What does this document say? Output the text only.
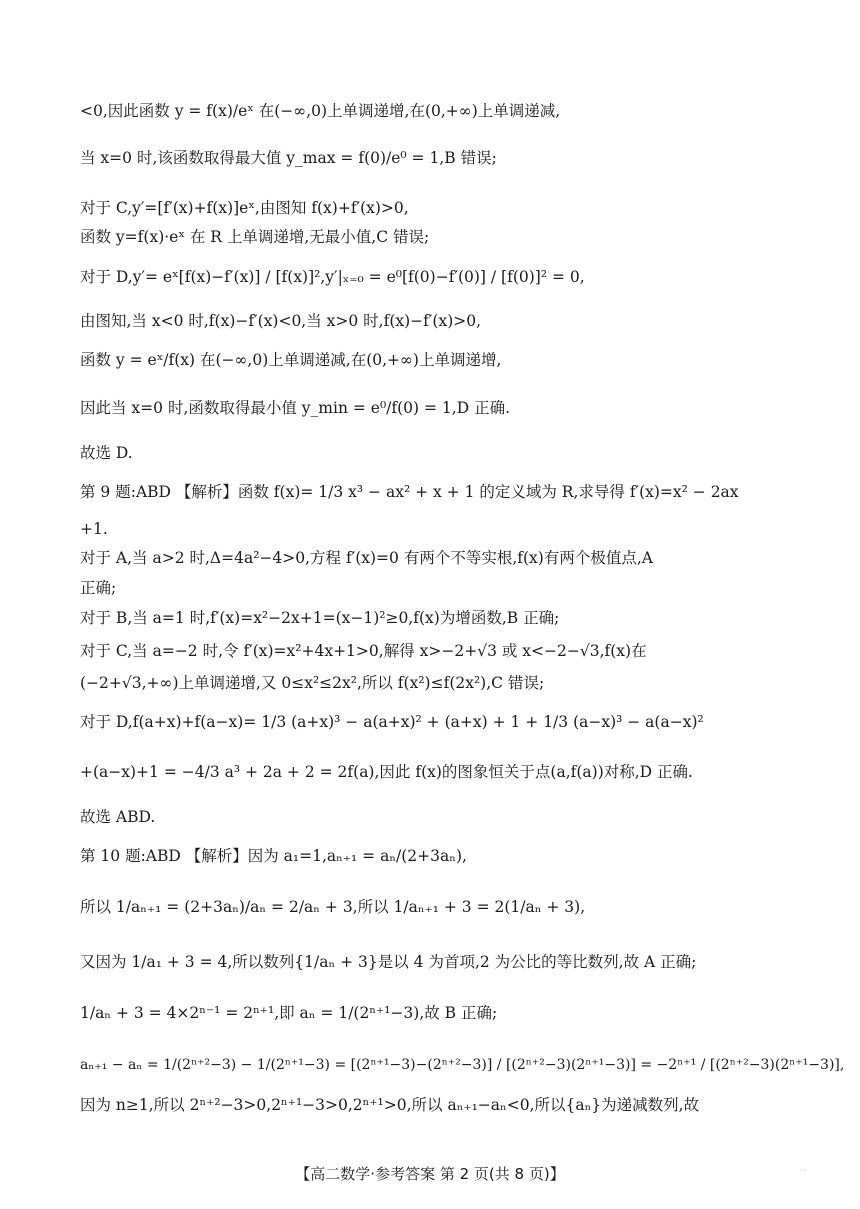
<0,因此函数 y = f(x)/eˣ 在(−∞,0)上单调递增,在(0,+∞)上单调递减,
当 x=0 时,该函数取得最大值 y_max = f(0)/e⁰ = 1,B 错误;
对于 C,y′=[f′(x)+f(x)]eˣ,由图知 f(x)+f′(x)>0,
函数 y=f(x)·eˣ 在 R 上单调递增,无最小值,C 错误;
对于 D,y′= eˣ[f(x)−f′(x)] / [f(x)]²,y′|ₓ₌₀ = e⁰[f(0)−f′(0)] / [f(0)]² = 0,
由图知,当 x<0 时,f(x)−f′(x)<0,当 x>0 时,f(x)−f′(x)>0,
函数 y = eˣ/f(x) 在(−∞,0)上单调递减,在(0,+∞)上单调递增,
因此当 x=0 时,函数取得最小值 y_min = e⁰/f(0) = 1,D 正确.
故选 D.
第 9 题:ABD 【解析】函数 f(x)= 1/3 x³ − ax² + x + 1 的定义域为 R,求导得 f′(x)=x² − 2ax
+1.
对于 A,当 a>2 时,Δ=4a²−4>0,方程 f′(x)=0 有两个不等实根,f(x)有两个极值点,A
正确;
对于 B,当 a=1 时,f′(x)=x²−2x+1=(x−1)²≥0,f(x)为增函数,B 正确;
对于 C,当 a=−2 时,令 f′(x)=x²+4x+1>0,解得 x>−2+√3 或 x<−2−√3,f(x)在
(−2+√3,+∞)上单调递增,又 0≤x²≤2x²,所以 f(x²)≤f(2x²),C 错误;
对于 D,f(a+x)+f(a−x)= 1/3 (a+x)³ − a(a+x)² + (a+x) + 1 + 1/3 (a−x)³ − a(a−x)²
+(a−x)+1 = −4/3 a³ + 2a + 2 = 2f(a),因此 f(x)的图象恒关于点(a,f(a))对称,D 正确.
故选 ABD.
第 10 题:ABD 【解析】因为 a₁=1,aₙ₊₁ = aₙ/(2+3aₙ),
所以 1/aₙ₊₁ = (2+3aₙ)/aₙ = 2/aₙ + 3,所以 1/aₙ₊₁ + 3 = 2(1/aₙ + 3),
又因为 1/a₁ + 3 = 4,所以数列{1/aₙ + 3}是以 4 为首项,2 为公比的等比数列,故 A 正确;
1/aₙ + 3 = 4×2ⁿ⁻¹ = 2ⁿ⁺¹,即 aₙ = 1/(2ⁿ⁺¹−3),故 B 正确;
aₙ₊₁ − aₙ = 1/(2ⁿ⁺²−3) − 1/(2ⁿ⁺¹−3) = [(2ⁿ⁺¹−3)−(2ⁿ⁺²−3)] / [(2ⁿ⁺²−3)(2ⁿ⁺¹−3)] = −2ⁿ⁺¹ / [(2ⁿ⁺²−3)(2ⁿ⁺¹−3)],
因为 n≥1,所以 2ⁿ⁺²−3>0,2ⁿ⁺¹−3>0,2ⁿ⁺¹>0,所以 aₙ₊₁−aₙ<0,所以{aₙ}为递减数列,故
【高二数学·参考答案 第 2 页(共 8 页)】	··
